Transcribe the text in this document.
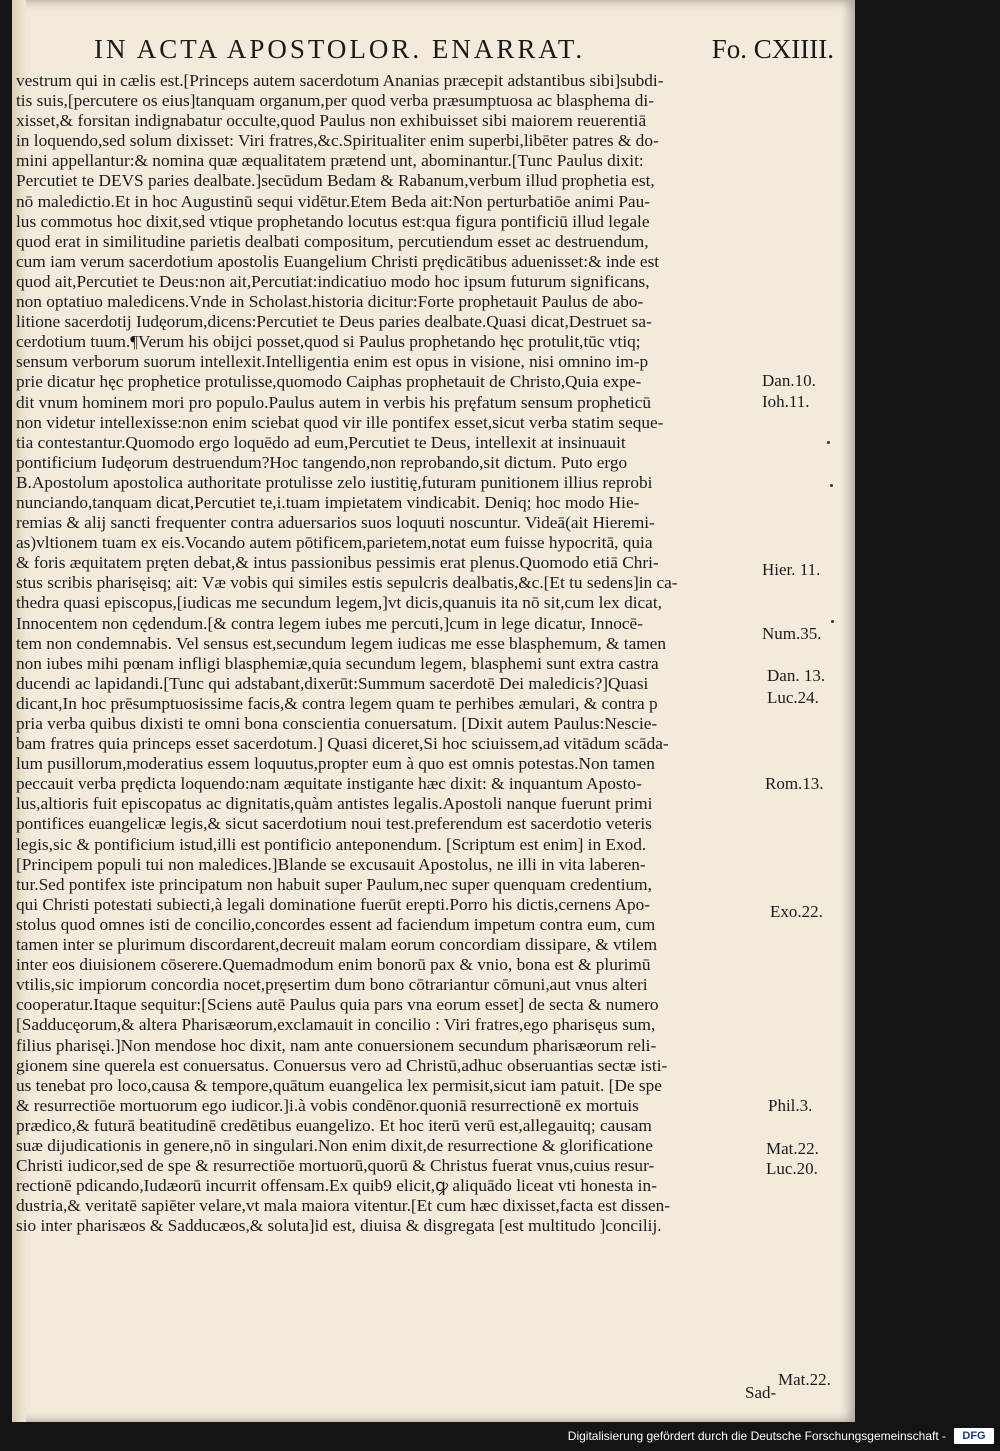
IN ACTA APOSTOLOR. ENARRAT.	Fo. CXIIII.
vestrum qui in cælis est.[Princeps autem sacerdotum Ananias præcepit adstantibus sibi]subdi-
tis suis,[percutere os eius]tanquam organum,per quod verba præsumptuosa ac blasphema di-
xisset,& forsitan indignabatur occulte,quod Paulus non exhibuisset sibi maiorem reuerentiā
in loquendo,sed solum dixisset: Viri fratres,&c.Spiritualiter enim superbi,libēter patres & do-
mini appellantur:& nomina quæ æqualitatem prætend unt, abominantur.[Tunc Paulus dixit:
Percutiet te DEVS paries dealbate.]secūdum Bedam & Rabanum,verbum illud prophetia est,
nō maledictio.Et in hoc Augustinū sequi vidētur.Etem Beda ait:Non perturbatiōe animi Pau-
lus commotus hoc dixit,sed vtique prophetando locutus est:qua figura pontificiū illud legale
quod erat in similitudine parietis dealbati compositum, percutiendum esset ac destruendum,
cum iam verum sacerdotium apostolis Euangelium Christi prędicātibus aduenisset:& inde est
quod ait,Percutiet te Deus:non ait,Percutiat:indicatiuo modo hoc ipsum futurum significans,
non optatiuo maledicens.Vnde in Scholast.historia dicitur:Forte prophetauit Paulus de abo-
litione sacerdotij Iudęorum,dicens:Percutiet te Deus paries dealbate.Quasi dicat,Destruet sa-
cerdotium tuum.¶Verum his obijci posset,quod si Paulus prophetando hęc protulit,tūc vtiq;
sensum verborum suorum intellexit.Intelligentia enim est opus in visione, nisi omnino im-p
prie dicatur hęc prophetice protulisse,quomodo Caiphas prophetauit de Christo,Quia expe-
dit vnum hominem mori pro populo.Paulus autem in verbis his pręfatum sensum propheticū
non videtur intellexisse:non enim sciebat quod vir ille pontifex esset,sicut verba statim seque-
tia contestantur.Quomodo ergo loquēdo ad eum,Percutiet te Deus, intellexit at insinuauit
pontificium Iudęorum destruendum?Hoc tangendo,non reprobando,sit dictum. Puto ergo
B.Apostolum apostolica authoritate protulisse zelo iustitię,futuram punitionem illius reprobi
nunciando,tanquam dicat,Percutiet te,i.tuam impietatem vindicabit. Deniq; hoc modo Hie-
remias & alij sancti frequenter contra aduersarios suos loquuti noscuntur. Videā(ait Hieremi-
as)vltionem tuam ex eis.Vocando autem pōtificem,parietem,notat eum fuisse hypocritā, quia
& foris æquitatem pręten debat,& intus passionibus pessimis erat plenus.Quomodo etiā Chri-
stus scribis pharisęisq; ait: Væ vobis qui similes estis sepulcris dealbatis,&c.[Et tu sedens]in ca-
thedra quasi episcopus,[iudicas me secundum legem,]vt dicis,quanuis ita nō sit,cum lex dicat,
Innocentem non cędendum.[& contra legem iubes me percuti,]cum in lege dicatur, Innocē-
tem non condemnabis. Vel sensus est,secundum legem iudicas me esse blasphemum, & tamen
non iubes mihi pœnam infligi blasphemiæ,quia secundum legem, blasphemi sunt extra castra
ducendi ac lapidandi.[Tunc qui adstabant,dixerūt:Summum sacerdotē Dei maledicis?]Quasi
dicant,In hoc prēsumptuosissime facis,& contra legem quam te perhibes æmulari, & contra p
pria verba quibus dixisti te omni bona conscientia conuersatum. [Dixit autem Paulus:Nescie-
bam fratres quia princeps esset sacerdotum.] Quasi diceret,Si hoc sciuissem,ad vitādum scāda-
lum pusillorum,moderatius essem loquutus,propter eum à quo est omnis potestas.Non tamen
peccauit verba prędicta loquendo:nam æquitate instigante hæc dixit: & inquantum Aposto-
lus,altioris fuit episcopatus ac dignitatis,quàm antistes legalis.Apostoli nanque fuerunt primi
pontifices euangelicæ legis,& sicut sacerdotium noui test.preferendum est sacerdotio veteris
legis,sic & pontificium istud,illi est pontificio anteponendum. [Scriptum est enim] in Exod.
[Principem populi tui non maledices.]Blande se excusauit Apostolus, ne illi in vita laberen-
tur.Sed pontifex iste principatum non habuit super Paulum,nec super quenquam credentium,
qui Christi potestati subiecti,à legali dominatione fuerūt erepti.Porro his dictis,cernens Apo-
stolus quod omnes isti de concilio,concordes essent ad faciendum impetum contra eum, cum
tamen inter se plurimum discordarent,decreuit malam eorum concordiam dissipare, & vtilem
inter eos diuisionem cōserere.Quemadmodum enim bonorū pax & vnio, bona est & plurimū
vtilis,sic impiorum concordia nocet,pręsertim dum bono cōtrariantur cōmuni,aut vnus alteri
cooperatur.Itaque sequitur:[Sciens autē Paulus quia pars vna eorum esset] de secta & numero
[Sadducęorum,& altera Pharisæorum,exclamauit in concilio : Viri fratres,ego pharisęus sum,
filius pharisęi.]Non mendose hoc dixit, nam ante conuersionem secundum pharisæorum reli-
gionem sine querela est conuersatus. Conuersus vero ad Christū,adhuc obseruantias sectæ isti-
us tenebat pro loco,causa & tempore,quātum euangelica lex permisit,sicut iam patuit. [De spe
& resurrectiōe mortuorum ego iudicor.]i.à vobis condēnor.quoniā resurrectionē ex mortuis
prædico,& futurā beatitudinē credētibus euangelizo. Et hoc iterū verū est,allegauitq; causam
suæ dijudicationis in genere,nō in singulari.Non enim dixit,de resurrectione & glorificatione
Christi iudicor,sed de spe & resurrectiōe mortuorū,quorū & Christus fuerat vnus,cuius resur-
rectionē pdicando,Iudæorū incurrit offensam.Ex quib9 elicit,ꝙ aliquādo liceat vti honesta in-
dustria,& veritatē sapiēter velare,vt mala maiora vitentur.[Et cum hæc dixisset,facta est dissen-
sio inter pharisæos & Sadducæos,& soluta]id est, diuisa & disgregata [est multitudo ]concilij.
Sad-
Dan.10.
Ioh.11.
Hier. 11.
Num.35.
Dan. 13.
Luc.24.
Rom.13.
Exo.22.
Phil.3.
Mat.22.
Luc.20.
Mat.22.
Digitalisierung gefördert durch die Deutsche Forschungsgemeinschaft -	DFG
